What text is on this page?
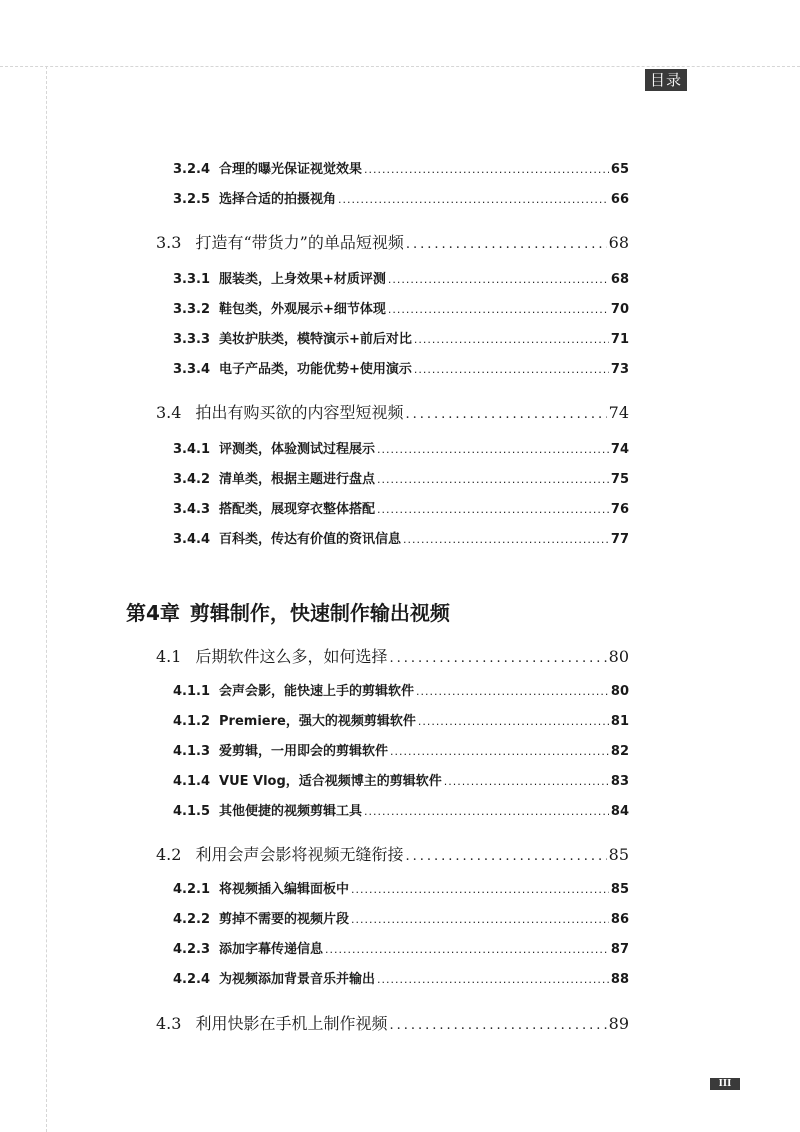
目录
3.2.4 合理的曝光保证视觉效果 .....	65
3.2.5 选择合适的拍摄视角 .....	66
3.3 打造有“带货力”的单品短视频 .....	68
3.3.1 服装类，上身效果+材质评测 .....	68
3.3.2 鞋包类，外观展示+细节体现 .....	70
3.3.3 美妆护肤类，模特演示+前后对比 .....	71
3.3.4 电子产品类，功能优势+使用演示 .....	73
3.4 拍出有购买欲的内容型短视频 .....	74
3.4.1 评测类，体验测试过程展示 .....	74
3.4.2 清单类，根据主题进行盘点 .....	75
3.4.3 搭配类，展现穿衣整体搭配 .....	76
3.4.4 百科类，传达有价值的资讯信息 .....	77
第4章 剪辑制作，快速制作输出视频
4.1 后期软件这么多，如何选择 .....	80
4.1.1 会声会影，能快速上手的剪辑软件 .....	80
4.1.2 Premiere，强大的视频剪辑软件 .....	81
4.1.3 爱剪辑，一用即会的剪辑软件 .....	82
4.1.4 VUE Vlog，适合视频博主的剪辑软件 .....	83
4.1.5 其他便捷的视频剪辑工具 .....	84
4.2 利用会声会影将视频无缝衔接 .....	85
4.2.1 将视频插入编辑面板中 .....	85
4.2.2 剪掉不需要的视频片段 .....	86
4.2.3 添加字幕传递信息 .....	87
4.2.4 为视频添加背景音乐并输出 .....	88
4.3 利用快影在手机上制作视频 .....	89
III
